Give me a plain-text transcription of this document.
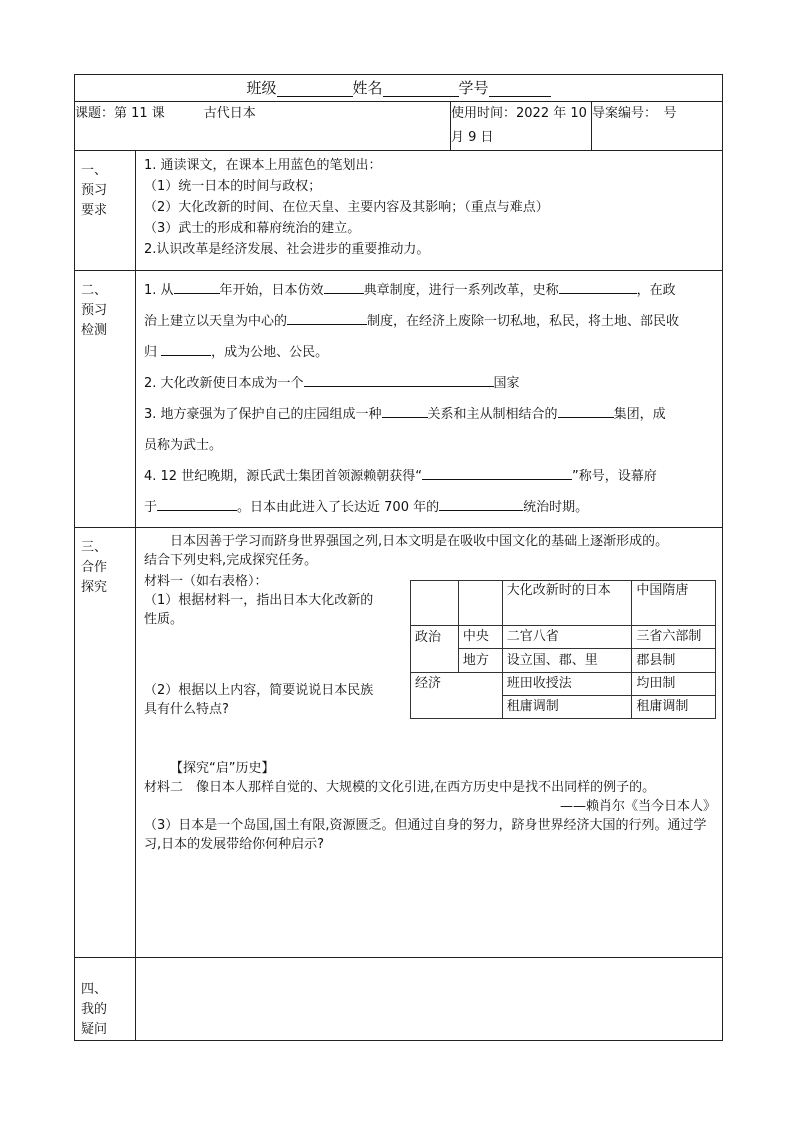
班级	姓名	学号
课题：第 11 课　　　古代日本	使用时间：2022 年 10 月 9 日	导案编号：　号

一、
预习
要求

1. 通读课文，在课本上用蓝色的笔划出：
（1）统一日本的时间与政权；
（2）大化改新的时间、在位天皇、主要内容及其影响；（重点与难点）
（3）武士的形成和幕府统治的建立。
2.认识改革是经济发展、社会进步的重要推动力。

二、
预习
检测

1. 从	年开始，日本仿效	典章制度，进行一系列改革，史称	，在政
治上建立以天皇为中心的	制度，在经济上废除一切私地，私民，将土地、部民收
归	，成为公地、公民。
2. 大化改新使日本成为一个	国家
3. 地方豪强为了保护自己的庄园组成一种	关系和主从制相结合的	集团，成
员称为武士。
4. 12 世纪晚期，源氏武士集团首领源赖朝获得“	”称号，设幕府
于	。日本由此进入了长达近 700 年的	统治时期。

三、
合作
探究

日本因善于学习而跻身世界强国之列,日本文明是在吸收中国文化的基础上逐渐形成的。
结合下列史料,完成探究任务。
材料一（如右表格）：
（1）根据材料一，指出日本大化改新的性质。
（2）根据以上内容，简要说说日本民族具有什么特点?
		大化改新时的日本	中国隋唐
政治	中央	二官八省	三省六部制
	地方	设立国、郡、里	郡县制
经济		班田收授法	均田制
		租庸调制	租庸调制
【探究“启”历史】
材料二　像日本人那样自觉的、大规模的文化引进,在西方历史中是找不出同样的例子的。
——赖肖尔《当今日本人》
（3）日本是一个岛国,国土有限,资源匮乏。但通过自身的努力，跻身世界经济大国的行列。通过学习,日本的发展带给你何种启示?

四、
我的
疑问
